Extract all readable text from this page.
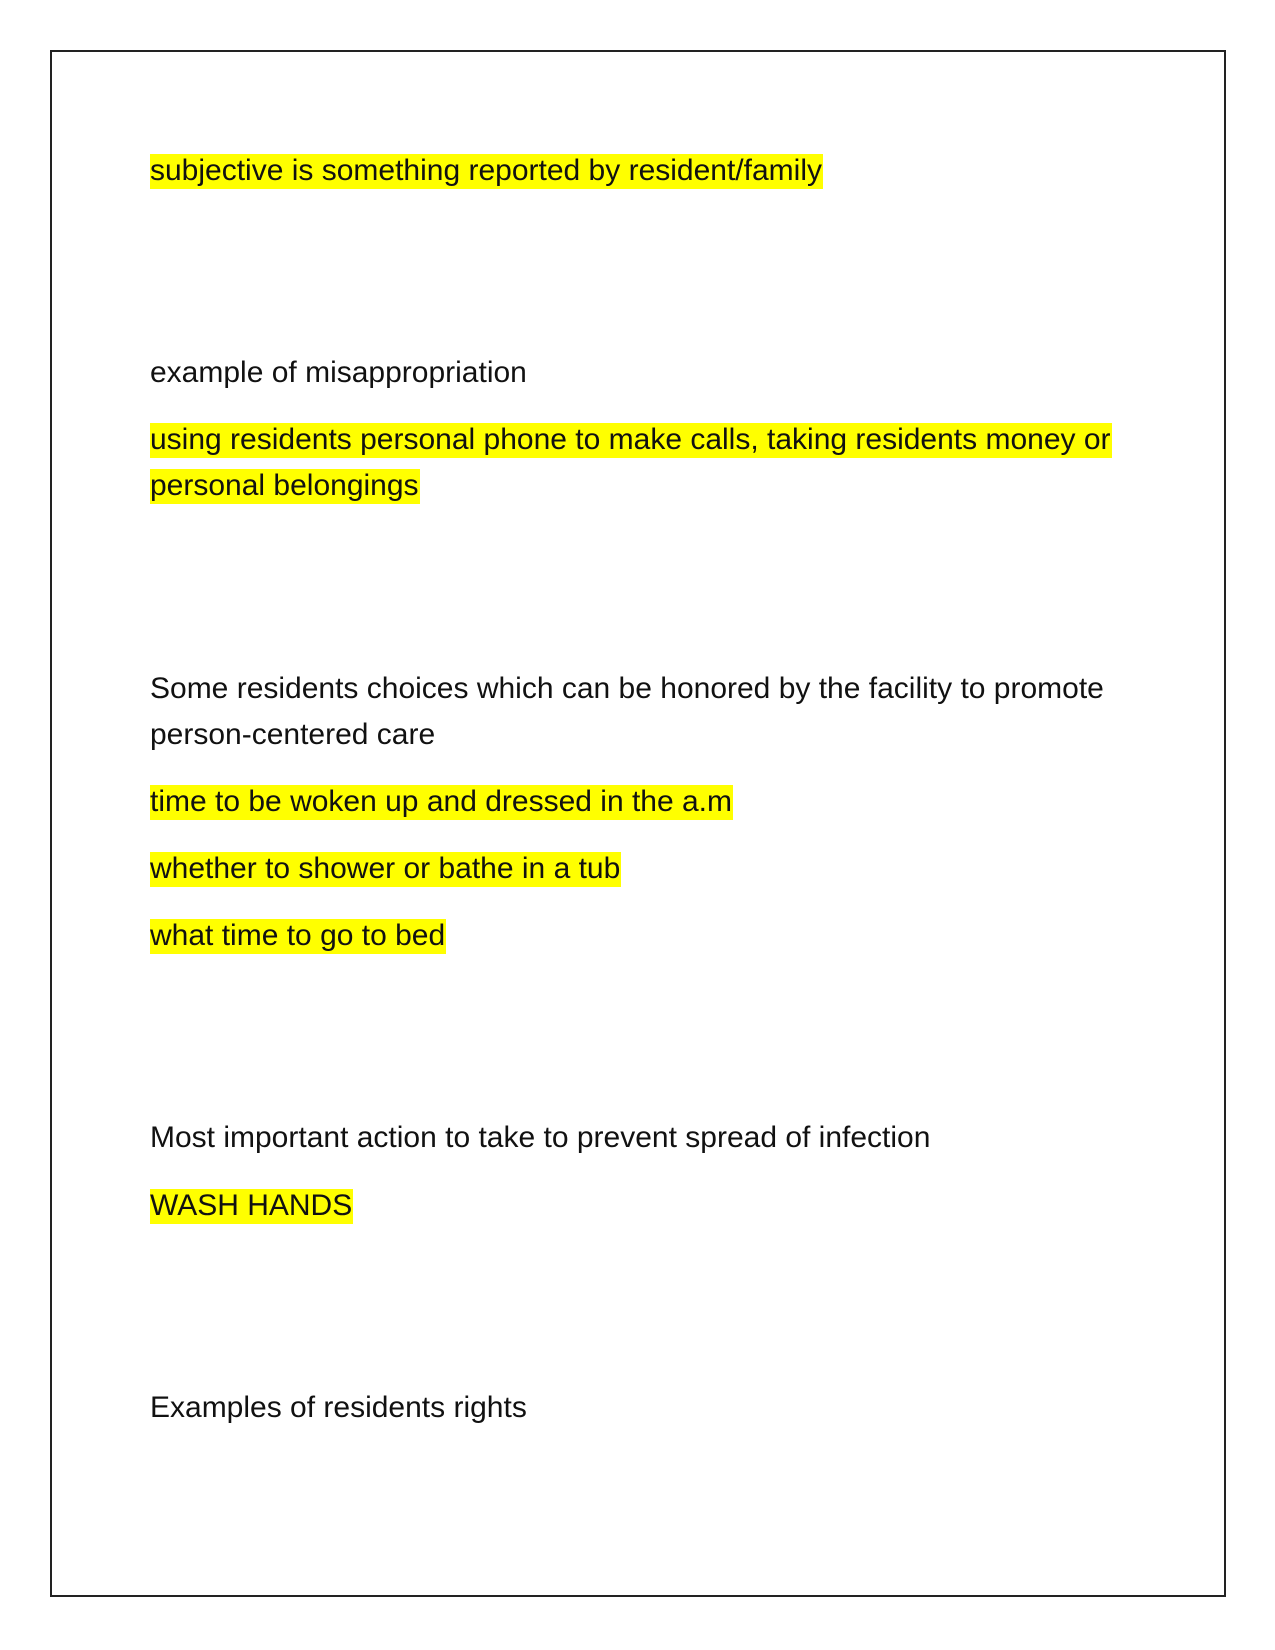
subjective is something reported by resident/family
example of misappropriation
using residents personal phone to make calls, taking residents money or
personal belongings
Some residents choices which can be honored by the facility to promote
person-centered care
time to be woken up and dressed in the a.m
whether to shower or bathe in a tub
what time to go to bed
Most important action to take to prevent spread of infection
WASH HANDS
Examples of residents rights
